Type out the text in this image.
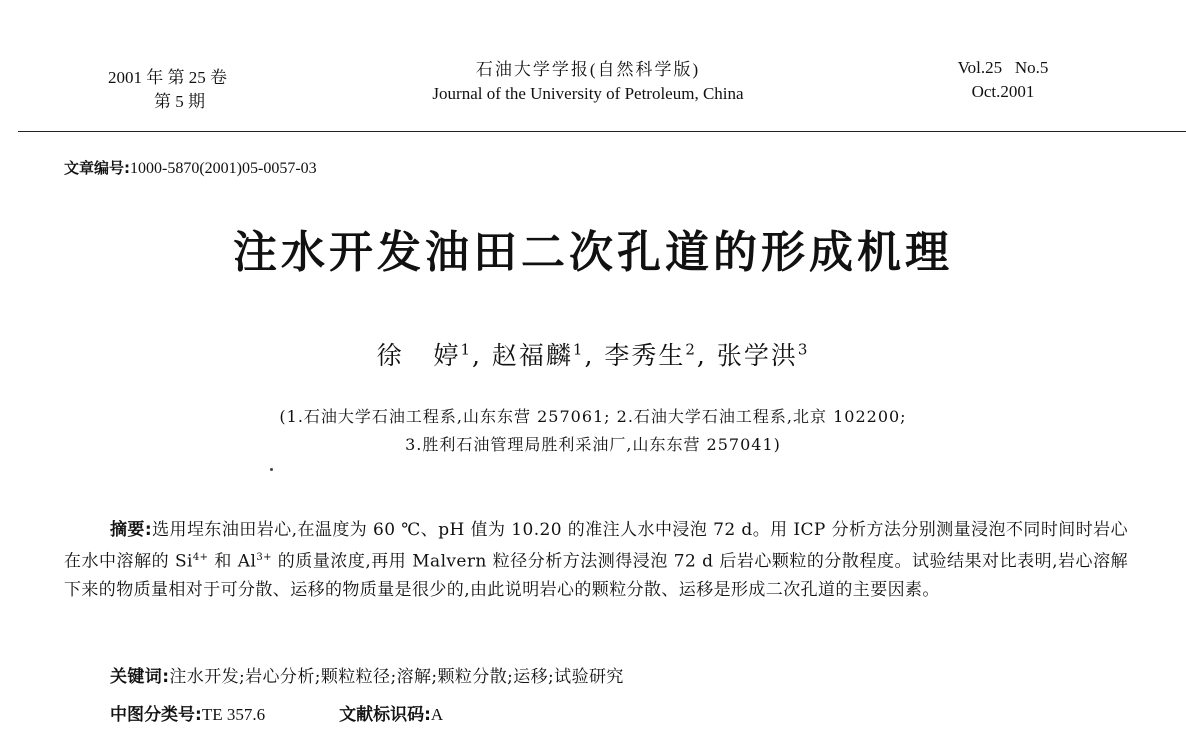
2001 年 第 25 卷
第 5 期
石油大学学报(自然科学版)
Journal of the University of Petroleum, China
Vol.25   No.5
Oct.2001
文章编号:1000-5870(2001)05-0057-03
注水开发油田二次孔道的形成机理
徐   婷$^1$, 赵福麟$^1$, 李秀生$^2$, 张学洪$^3$
(1.石油大学石油工程系,山东东营 257061; 2.石油大学石油工程系,北京 102200;
3.胜利石油管理局胜利采油厂,山东东营 257041)
摘要:选用埕东油田岩心,在温度为 60 ℃、pH 值为 10.20 的准注人水中浸泡 72 d。用 ICP 分析方法分别测量浸泡不同时间时岩心在水中溶解的 $Si^{4+}$ 和 $Al^{3+}$ 的质量浓度,再用 Malvern 粒径分析方法测得浸泡 72 d 后岩心颗粒的分散程度。试验结果对比表明,岩心溶解下来的物质量相对于可分散、运移的物质量是很少的,由此说明岩心的颗粒分散、运移是形成二次孔道的主要因素。
关键词:注水开发;岩心分析;颗粒粒径;溶解;颗粒分散;运移;试验研究
中图分类号:TE 357.6	文献标识码:A
